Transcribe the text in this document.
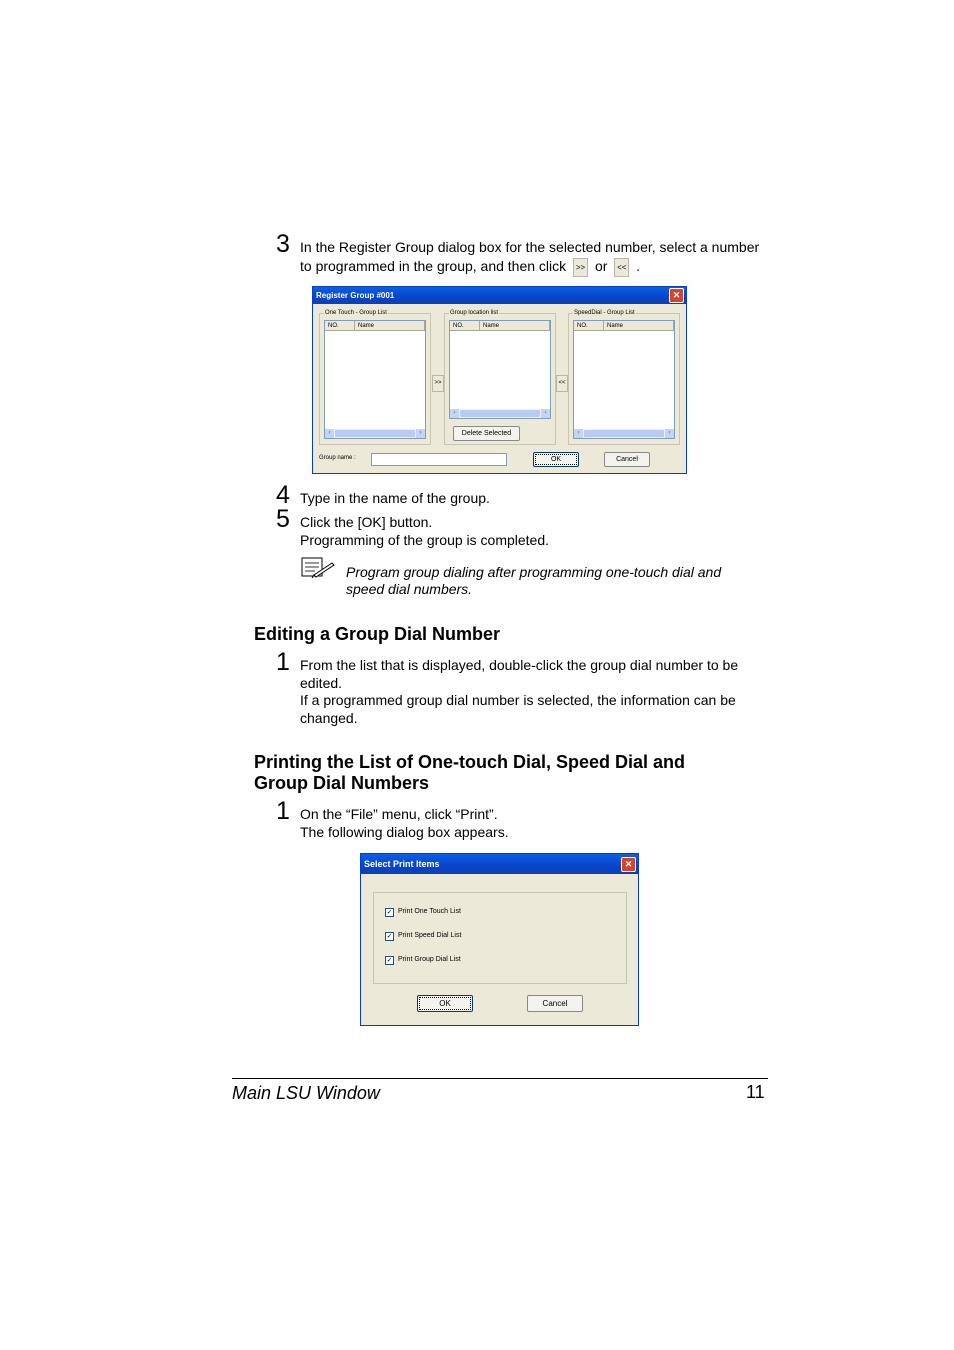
3 In the Register Group dialog box for the selected number, select a number
to programmed in the group, and then click >> or << .
Register Group #001	✕
One Touch - Group List
NO.	Name
‹	›
>>
Group location list
NO.	Name
‹	›
Delete Selected
<<
SpeedDial - Group List
NO.	Name
‹	›
Group name :	OK	Cancel
4 Type in the name of the group.
5 Click the [OK] button.
Programming of the group is completed.
Program group dialing after programming one-touch dial and
speed dial numbers.
Editing a Group Dial Number
1 From the list that is displayed, double-click the group dial number to be
edited.
If a programmed group dial number is selected, the information can be
changed.
Printing the List of One-touch Dial, Speed Dial and
Group Dial Numbers
1 On the “File” menu, click “Print”.
The following dialog box appears.
Select Print Items	✕
✓ Print One Touch List
✓ Print Speed Dial List
✓ Print Group Dial List
OK	Cancel
Main LSU Window	11
